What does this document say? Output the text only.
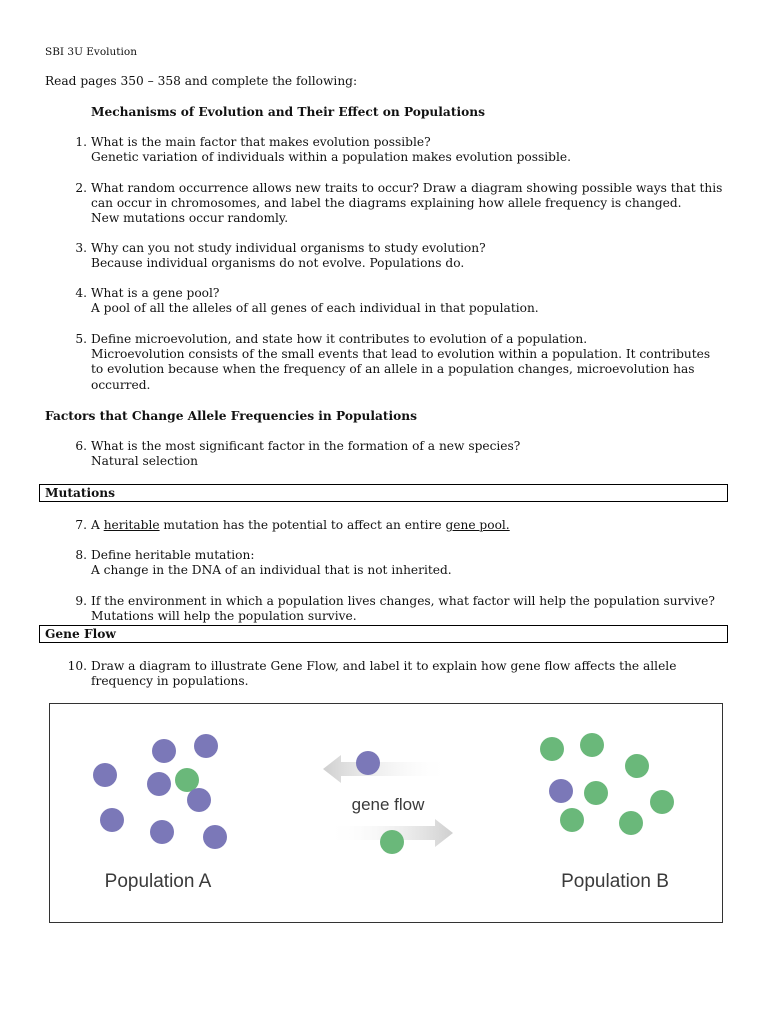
SBI 3U Evolution
Read pages 350 – 358 and complete the following:
Mechanisms of Evolution and Their Effect on Populations
1. What is the main factor that makes evolution possible?
Genetic variation of individuals within a population makes evolution possible.
2. What random occurrence allows new traits to occur? Draw a diagram showing possible ways that this
can occur in chromosomes, and label the diagrams explaining how allele frequency is changed.
New mutations occur randomly.
3. Why can you not study individual organisms to study evolution?
Because individual organisms do not evolve. Populations do.
4. What is a gene pool?
A pool of all the alleles of all genes of each individual in that population.
5. Define microevolution, and state how it contributes to evolution of a population.
Microevolution consists of the small events that lead to evolution within a population. It contributes
to evolution because when the frequency of an allele in a population changes, microevolution has
occurred.
Factors that Change Allele Frequencies in Populations
6. What is the most significant factor in the formation of a new species?
Natural selection
Mutations
7. A heritable mutation has the potential to affect an entire gene pool.
8. Define heritable mutation:
A change in the DNA of an individual that is not inherited.
9. If the environment in which a population lives changes, what factor will help the population survive?
Mutations will help the population survive.
Gene Flow
10. Draw a diagram to illustrate Gene Flow, and label it to explain how gene flow affects the allele
frequency in populations.
gene flow
Population A	Population B
